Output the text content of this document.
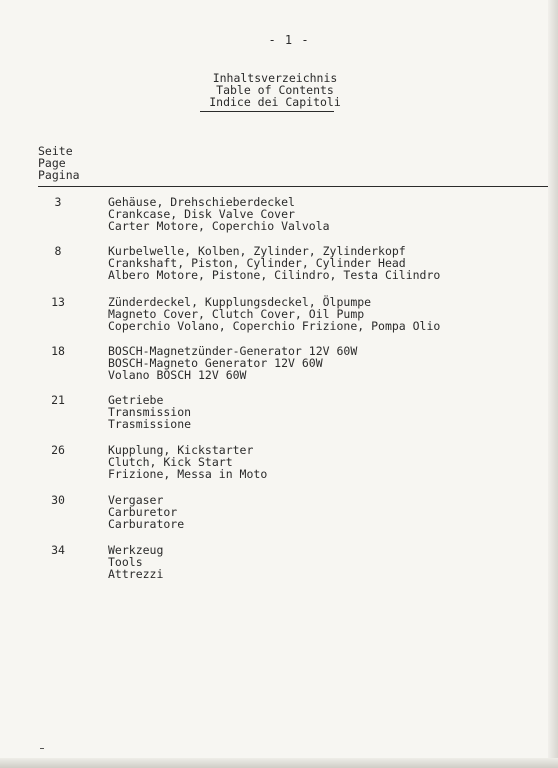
- 1 -
Inhaltsverzeichnis
Table of Contents
Indice dei Capitoli
Seite
Page
Pagina
3	Gehäuse, Drehschieberdeckel
Crankcase, Disk Valve Cover
Carter Motore, Coperchio Valvola
8	Kurbelwelle, Kolben, Zylinder, Zylinderkopf
Crankshaft, Piston, Cylinder, Cylinder Head
Albero Motore, Pistone, Cilindro, Testa Cilindro
13	Zünderdeckel, Kupplungsdeckel, Ölpumpe
Magneto Cover, Clutch Cover, Oil Pump
Coperchio Volano, Coperchio Frizione, Pompa Olio
18	BOSCH-Magnetzünder-Generator 12V 60W
BOSCH-Magneto Generator 12V 60W
Volano BOSCH 12V 60W
21	Getriebe
Transmission
Trasmissione
26	Kupplung, Kickstarter
Clutch, Kick Start
Frizione, Messa in Moto
30	Vergaser
Carburetor
Carburatore
34	Werkzeug
Tools
Attrezzi
